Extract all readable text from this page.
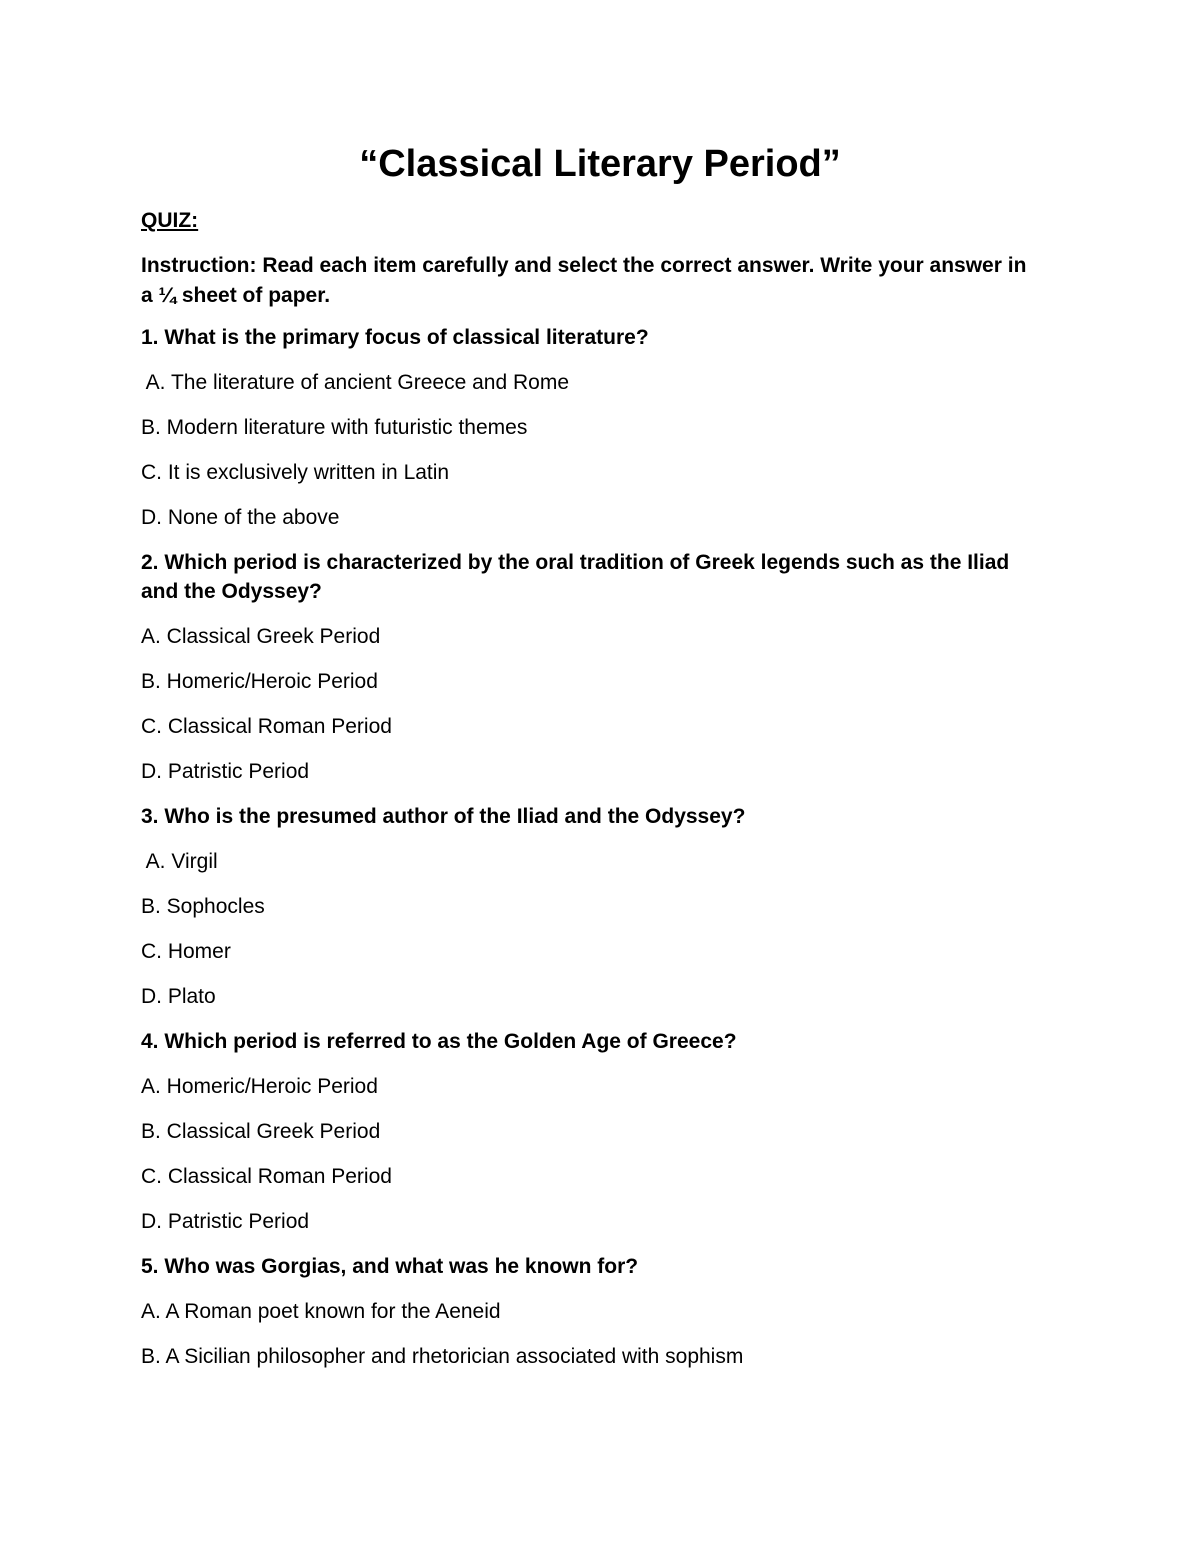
“Classical Literary Period”

QUIZ:

Instruction: Read each item carefully and select the correct answer. Write your answer in a ¼ sheet of paper.

1. What is the primary focus of classical literature?

A. The literature of ancient Greece and Rome

B. Modern literature with futuristic themes

C. It is exclusively written in Latin

D. None of the above

2. Which period is characterized by the oral tradition of Greek legends such as the Iliad and the Odyssey?

A. Classical Greek Period

B. Homeric/Heroic Period

C. Classical Roman Period

D. Patristic Period

3. Who is the presumed author of the Iliad and the Odyssey?

A. Virgil

B. Sophocles

C. Homer

D. Plato

4. Which period is referred to as the Golden Age of Greece?

A. Homeric/Heroic Period

B. Classical Greek Period

C. Classical Roman Period

D. Patristic Period

5. Who was Gorgias, and what was he known for?

A. A Roman poet known for the Aeneid

B. A Sicilian philosopher and rhetorician associated with sophism
